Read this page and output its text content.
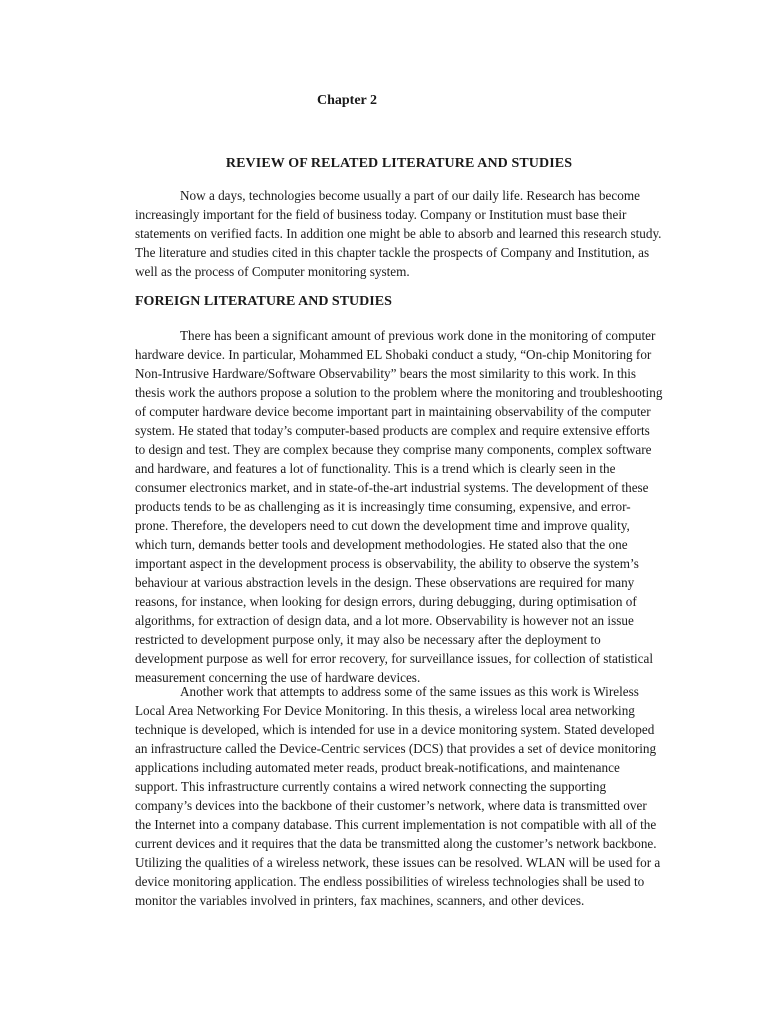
Chapter 2
REVIEW OF RELATED LITERATURE AND STUDIES

Now a days, technologies become usually a part of our daily life. Research has become increasingly important for the field of business today. Company or Institution must base their statements on verified facts. In addition one might be able to absorb and learned this research study. The literature and studies cited in this chapter tackle the prospects of Company and Institution, as well as the process of Computer monitoring system.

FOREIGN LITERATURE AND STUDIES

There has been a significant amount of previous work done in the monitoring of computer hardware device. In particular, Mohammed EL Shobaki conduct a study, “On-chip Monitoring for Non-Intrusive Hardware/Software Observability” bears the most similarity to this work. In this thesis work the authors propose a solution to the problem where the monitoring and troubleshooting of computer hardware device become important part in maintaining observability of the computer system. He stated that today’s computer-based products are complex and require extensive efforts to design and test. They are complex because they comprise many components, complex software and hardware, and features a lot of functionality. This is a trend which is clearly seen in the consumer electronics market, and in state-of-the-art industrial systems. The development of these products tends to be as challenging as it is increasingly time consuming, expensive, and error-prone. Therefore, the developers need to cut down the development time and improve quality, which turn, demands better tools and development methodologies. He stated also that the one important aspect in the development process is observability, the ability to observe the system’s behaviour at various abstraction levels in the design. These observations are required for many reasons, for instance, when looking for design errors, during debugging, during optimisation of algorithms, for extraction of design data, and a lot more. Observability is however not an issue restricted to development purpose only, it may also be necessary after the deployment to development purpose as well for error recovery, for surveillance issues, for collection of statistical measurement concerning the use of hardware devices.

Another work that attempts to address some of the same issues as this work is Wireless Local Area Networking For Device Monitoring. In this thesis, a wireless local area networking technique is developed, which is intended for use in a device monitoring system. Stated developed an infrastructure called the Device-Centric services (DCS) that provides a set of device monitoring applications including automated meter reads, product break-notifications, and maintenance support. This infrastructure currently contains a wired network connecting the supporting company’s devices into the backbone of their customer’s network, where data is transmitted over the Internet into a company database. This current implementation is not compatible with all of the current devices and it requires that the data be transmitted along the customer’s network backbone. Utilizing the qualities of a wireless network, these issues can be resolved. WLAN will be used for a device monitoring application. The endless possibilities of wireless technologies shall be used to monitor the variables involved in printers, fax machines, scanners, and other devices.
